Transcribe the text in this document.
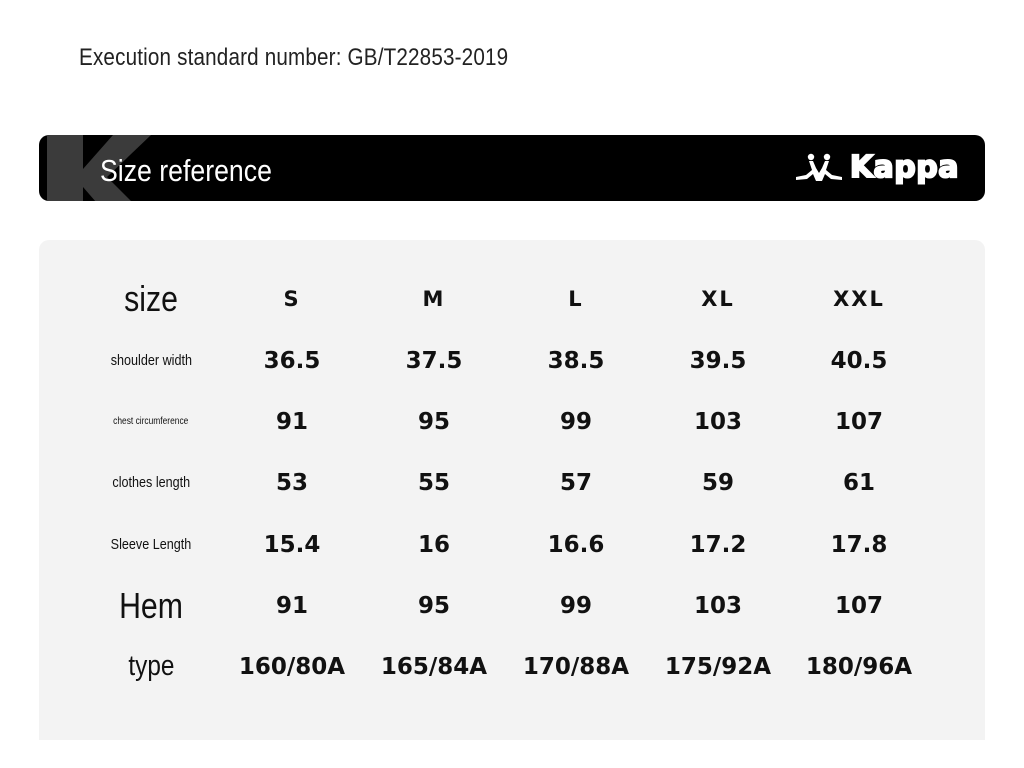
Execution standard number: GB/T22853-2019
Size reference	Kappa
size	S	M	L	XL	XXL
shoulder width	36.5	37.5	38.5	39.5	40.5
chest circumference	91	95	99	103	107
clothes length	53	55	57	59	61
Sleeve Length	15.4	16	16.6	17.2	17.8
Hem	91	95	99	103	107
type	160/80A	165/84A	170/88A	175/92A	180/96A
